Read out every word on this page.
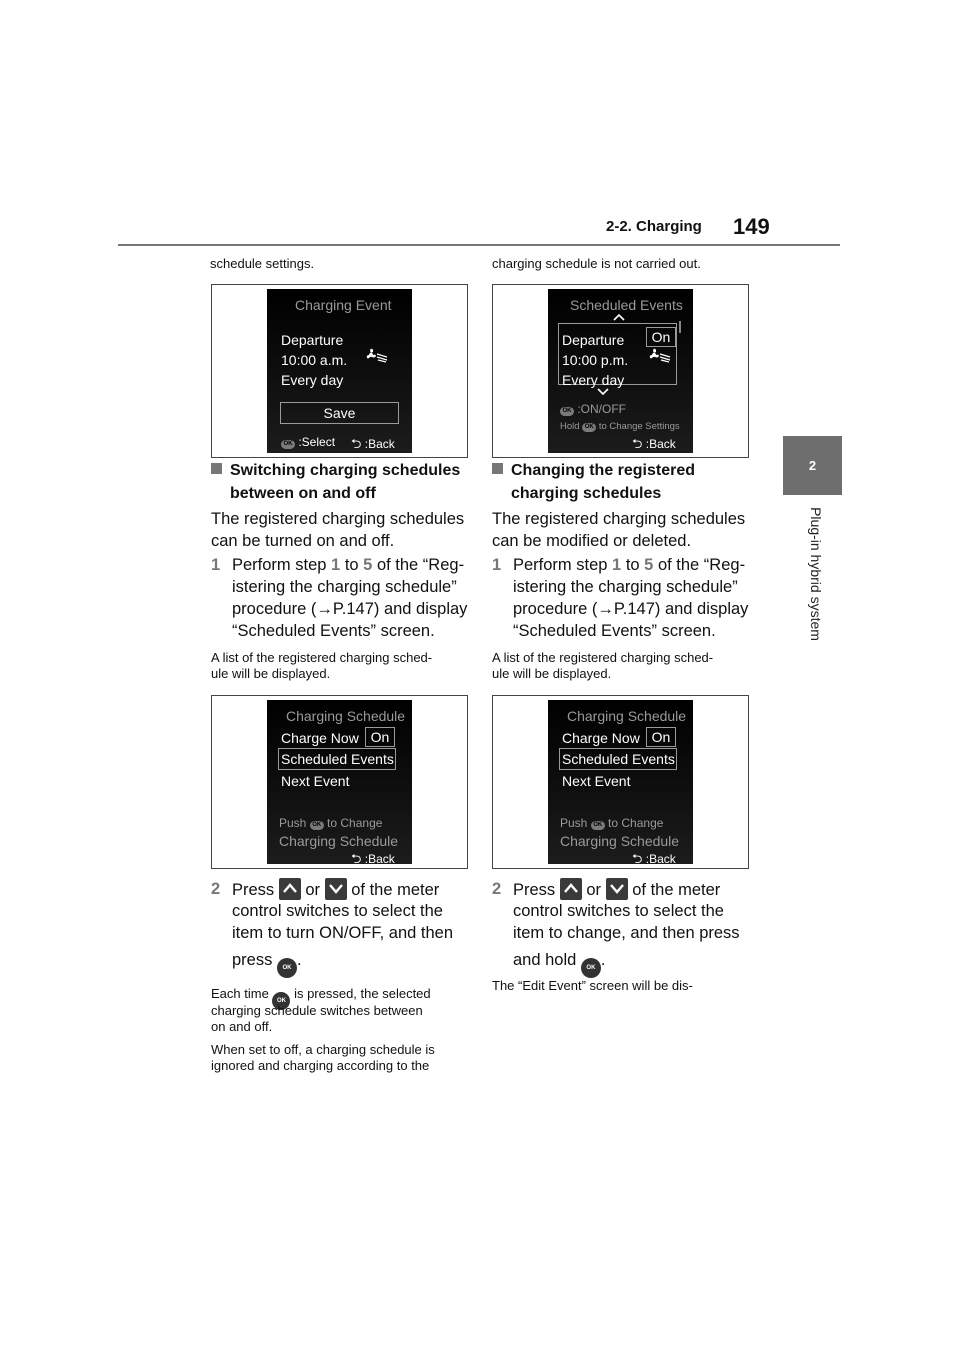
2-2. Charging 149
2
Plug-in hybrid system
schedule settings.
Charging Event
Departure
10:00 a.m.
Every day
Save
OK :Select ⮌ :Back
Switching charging schedules
between on and off
The registered charging schedules
can be turned on and off.
1 Perform step 1 to 5 of the “Reg-
istering the charging schedule”
procedure (→P.147) and display
“Scheduled Events” screen.
A list of the registered charging sched-
ule will be displayed.
Charging Schedule
Charge Now On
Scheduled Events
Next Event
Push OK to Change
Charging Schedule
⮌ :Back
2 Press or of the meter
control switches to select the
item to turn ON/OFF, and then
press OK .
Each time OK is pressed, the selected
charging schedule switches between
on and off.
When set to off, a charging schedule is
ignored and charging according to the
charging schedule is not carried out.
Scheduled Events
Departure	On
10:00 p.m.
Every day
OK :ON/OFF
Hold OK to Change Settings
⮌ :Back
Changing the registered
charging schedules
The registered charging schedules
can be modified or deleted.
1 Perform step 1 to 5 of the “Reg-
istering the charging schedule”
procedure (→P.147) and display
“Scheduled Events” screen.
A list of the registered charging sched-
ule will be displayed.
Charging Schedule
Charge Now On
Scheduled Events
Next Event
Push OK to Change
Charging Schedule
⮌ :Back
2 Press or of the meter
control switches to select the
item to change, and then press
and hold OK .
The “Edit Event” screen will be dis-
